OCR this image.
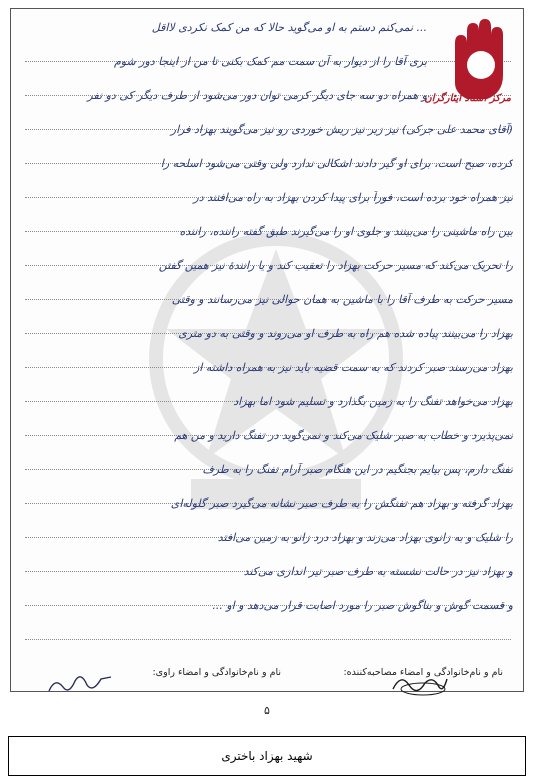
... نمی‌کنم دستم به او می‌گوید حالا که من کمک نکردی لااقل
بری آقا را از دیوار به آن سمت مم کمک بکنی تا من از اینجا دور شوم
و همراه دو سه جای دیگر کرمی توان دور می‌شود از طرف دیگر کی دو نفر
(آقای محمد علی جرکی) نیز زیر نیز ریش خوردی رو نیز می‌گویند بهزاد فرار
کرده، صبح است، برای او گیر دادند اشکالی ندارد ولی وقتی می‌شود اسلحه را
نیز همراه خود برده است، فوراً برای پیدا کردن بهزاد به راه می‌افتند در
بین راه ماشینی را می‌بینند و جلوی او را می‌گیرند طبق گفته راننده، راننده
را تحریک می‌کند که مسیر حرکت بهزاد را تعقیب کند و یا رانندهٔ نیز همین گفتن
مسیر حرکت به طرف آقا را با ماشین به همان حوالی نیز می‌رسانند و وقتی
بهزاد را می‌بینند پیاده شده هم راه به طرف او می‌روند و وقتی به دو متری
بهزاد می‌رسند صبر کردند که به سمت قضیه باید نیز به همراه داشته از
بهزاد می‌خواهد تفنگ را به زمین بگذارد و تسلیم شود اما بهزاد
نمی‌پذیرد و خطاب به صبر شلیک می‌کند و نمی‌گوید در تفنگ دارید و من هم
تفنگ دارم، پس بیایم بجنگیم در این هنگام صبر آرام تفنگ را به طرف
بهزاد گرفته و بهزاد هم تفنگش را به طرف صبر نشانه می‌گیرد صبر گلوله‌ای
را شلیک و به زانوی بهزاد می‌زند و بهزاد درد زانو به زمین می‌افتد
و بهزاد نیز در حالت نشسته به طرف صبر تیر اندازی می‌کند
و قسمت گوش و بناگوش صبر را مورد اصابت قرار می‌دهد و او ...
مرکز اسناد ایثارگران
نام و نام‌خانوادگی و امضاء مصاحبه‌کننده:
نام و نام‌خانوادگی و امضاء راوی:
۵
شهید بهزاد باختری
